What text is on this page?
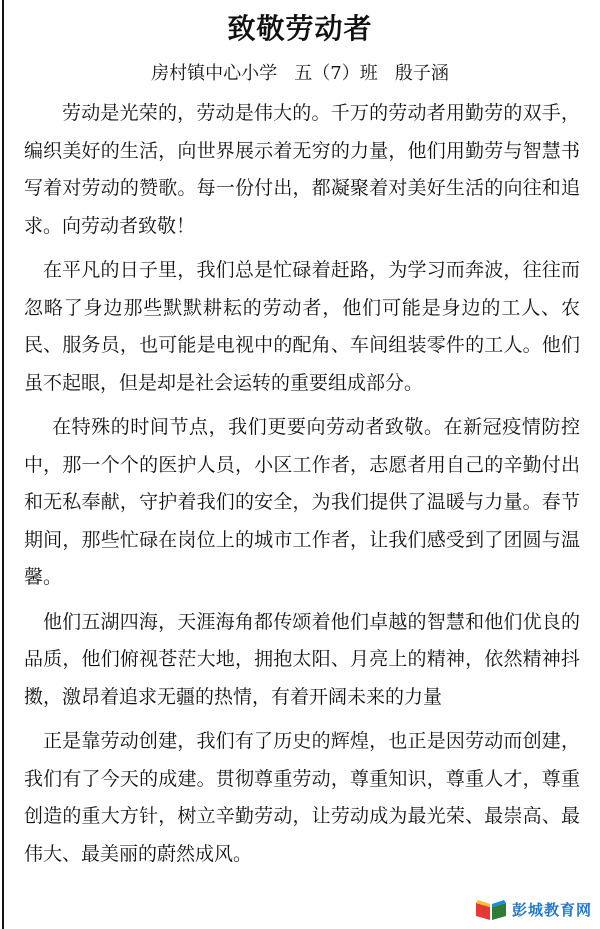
致敬劳动者
房村镇中心小学   五（7）班   殷子涵

劳动是光荣的，劳动是伟大的。千万的劳动者用勤劳的双手，编织美好的生活，向世界展示着无穷的力量，他们用勤劳与智慧书写着对劳动的赞歌。每一份付出，都凝聚着对美好生活的向往和追求。向劳动者致敬！

在平凡的日子里，我们总是忙碌着赶路，为学习而奔波，往往而忽略了身边那些默默耕耘的劳动者，他们可能是身边的工人、农民、服务员，也可能是电视中的配角、车间组装零件的工人。他们虽不起眼，但是却是社会运转的重要组成部分。

在特殊的时间节点，我们更要向劳动者致敬。在新冠疫情防控中，那一个个的医护人员，小区工作者，志愿者用自己的辛勤付出和无私奉献，守护着我们的安全，为我们提供了温暖与力量。春节期间，那些忙碌在岗位上的城市工作者，让我们感受到了团圆与温馨。

他们五湖四海，天涯海角都传颂着他们卓越的智慧和他们优良的品质，他们俯视苍茫大地，拥抱太阳、月亮上的精神，依然精神抖擞，激昂着追求无疆的热情，有着开阔未来的力量

正是靠劳动创建，我们有了历史的辉煌，也正是因劳动而创建，我们有了今天的成建。贯彻尊重劳动，尊重知识，尊重人才，尊重创造的重大方针，树立辛勤劳动，让劳动成为最光荣、最崇高、最伟大、最美丽的蔚然成风。

彭城教育网
